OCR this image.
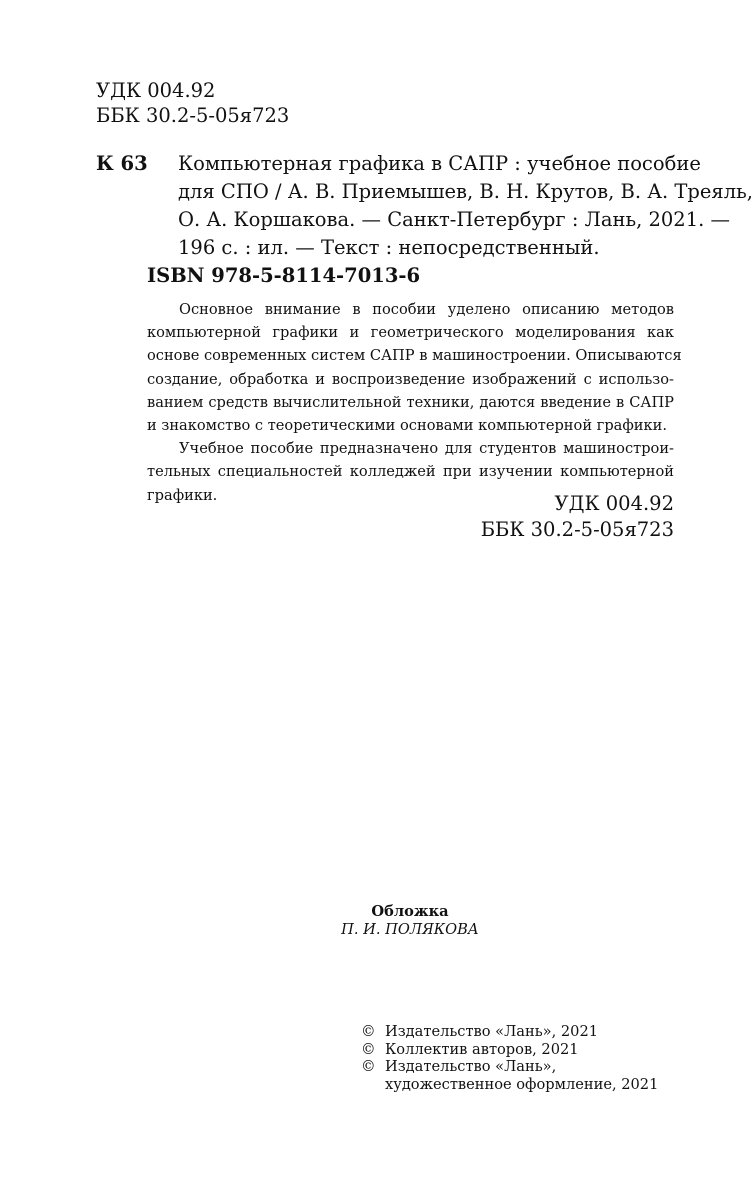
УДК 004.92
ББК 30.2-5-05я723
К 63 Компьютерная графика в САПР : учебное пособие
для СПО / А. В. Приемышев, В. Н. Крутов, В. А. Треяль,
О. А. Коршакова. — Санкт-Петербург : Лань, 2021. —
196 с. : ил. — Текст : непосредственный.
ISBN 978-5-8114-7013-6
Основное внимание в пособии уделено описанию методов
компьютерной графики и геометрического моделирования как
основе современных систем САПР в машиностроении. Описываются
создание, обработка и воспроизведение изображений с использо-
ванием средств вычислительной техники, даются введение в САПР
и знакомство с теоретическими основами компьютерной графики.
Учебное пособие предназначено для студентов машинострои-
тельных специальностей колледжей при изучении компьютерной
графики.	УДК 004.92
ББК 30.2-5-05я723
Обложка
П. И. ПОЛЯКОВА
© Издательство «Лань», 2021
© Коллектив авторов, 2021
© Издательство «Лань»,
художественное оформление, 2021
